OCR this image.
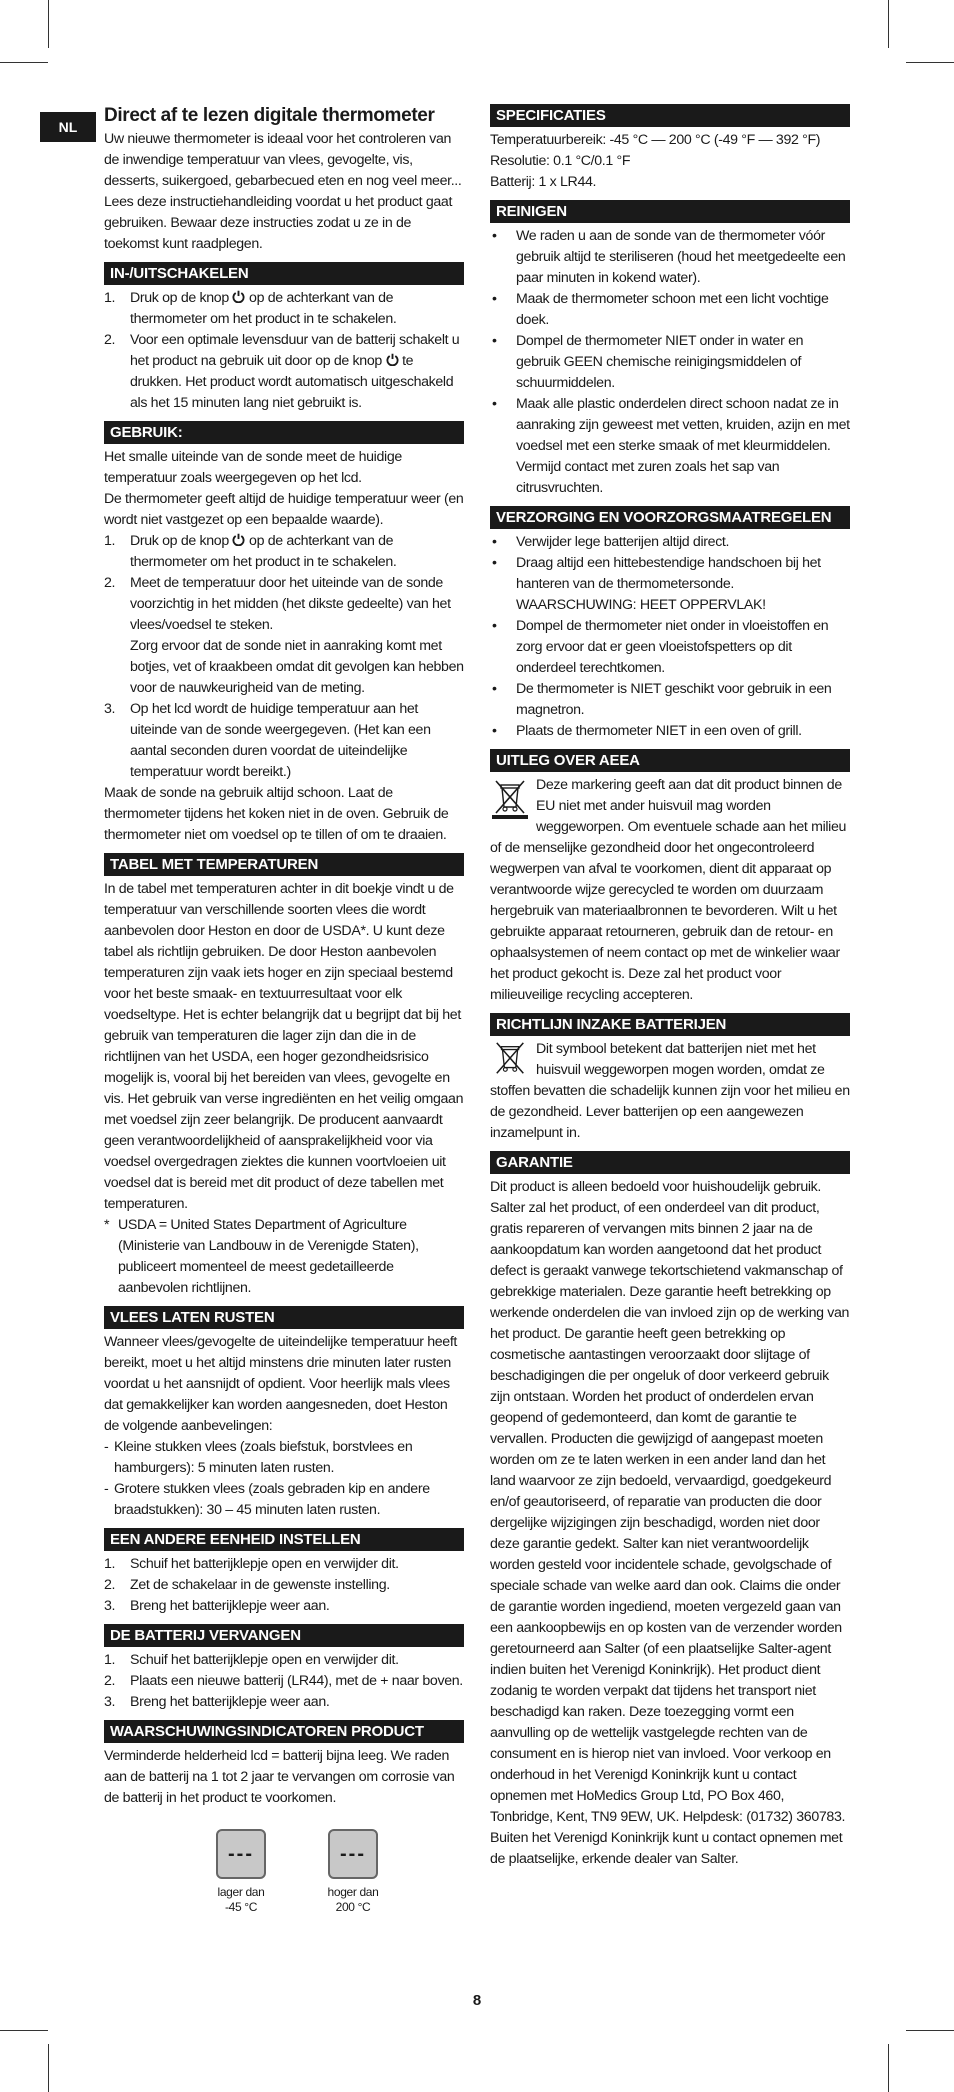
NL
Direct af te lezen digitale thermometer

Uw nieuwe thermometer is ideaal voor het controleren van de inwendige temperatuur van vlees, gevogelte, vis, desserts, suikergoed, gebarbecued eten en nog veel meer... Lees deze instructiehandleiding voordat u het product gaat gebruiken. Bewaar deze instructies zodat u ze in de toekomst kunt raadplegen.

IN-/UITSCHAKELEN
1. Druk op de knop  op de achterkant van de thermometer om het product in te schakelen.
2. Voor een optimale levensduur van de batterij schakelt u het product na gebruik uit door op de knop  te drukken. Het product wordt automatisch uitgeschakeld als het 15 minuten lang niet gebruikt is.
GEBRUIK:

Het smalle uiteinde van de sonde meet de huidige temperatuur zoals weergegeven op het lcd.

De thermometer geeft altijd de huidige temperatuur weer (en wordt niet vastgezet op een bepaalde waarde).

1. Druk op de knop  op de achterkant van de thermometer om het product in te schakelen.
2. Meet de temperatuur door het uiteinde van de sonde voorzichtig in het midden (het dikste gedeelte) van het vlees/voedsel te steken.
Zorg ervoor dat de sonde niet in aanraking komt met botjes, vet of kraakbeen omdat dit gevolgen kan hebben voor de nauwkeurigheid van de meting.
3. Op het lcd wordt de huidige temperatuur aan het uiteinde van de sonde weergegeven. (Het kan een aantal seconden duren voordat de uiteindelijke temperatuur wordt bereikt.)

Maak de sonde na gebruik altijd schoon. Laat de thermometer tijdens het koken niet in de oven. Gebruik de thermometer niet om voedsel op te tillen of om te draaien.

TABEL MET TEMPERATUREN

In de tabel met temperaturen achter in dit boekje vindt u de temperatuur van verschillende soorten vlees die wordt aanbevolen door Heston en door de USDA*. U kunt deze tabel als richtlijn gebruiken. De door Heston aanbevolen temperaturen zijn vaak iets hoger en zijn speciaal bestemd voor het beste smaak- en textuurresultaat voor elk voedseltype. Het is echter belangrijk dat u begrijpt dat bij het gebruik van temperaturen die lager zijn dan die in de richtlijnen van het USDA, een hoger gezondheidsrisico mogelijk is, vooral bij het bereiden van vlees, gevogelte en vis. Het gebruik van verse ingrediënten en het veilig omgaan met voedsel zijn zeer belangrijk. De producent aanvaardt geen verantwoordelijkheid of aansprakelijkheid voor via voedsel overgedragen ziektes die kunnen voortvloeien uit voedsel dat is bereid met dit product of deze tabellen met temperaturen.

* USDA = United States Department of Agriculture (Ministerie van Landbouw in de Verenigde Staten), publiceert momenteel de meest gedetailleerde aanbevolen richtlijnen.

VLEES LATEN RUSTEN

Wanneer vlees/gevogelte de uiteindelijke temperatuur heeft bereikt, moet u het altijd minstens drie minuten later rusten voordat u het aansnijdt of opdient. Voor heerlijk mals vlees dat gemakkelijker kan worden aangesneden, doet Heston de volgende aanbevelingen:

- Kleine stukken vlees (zoals biefstuk, borstvlees en hamburgers): 5 minuten laten rusten.
- Grotere stukken vlees (zoals gebraden kip en andere braadstukken): 30 – 45 minuten laten rusten.
EEN ANDERE EENHEID INSTELLEN
1. Schuif het batterijklepje open en verwijder dit.
2. Zet de schakelaar in de gewenste instelling.
3. Breng het batterijklepje weer aan.
DE BATTERIJ VERVANGEN
1. Schuif het batterijklepje open en verwijder dit.
2. Plaats een nieuwe batterij (LR44), met de + naar boven.
3. Breng het batterijklepje weer aan.
WAARSCHUWINGSINDICATOREN PRODUCT

Verminderde helderheid lcd = batterij bijna leeg. We raden aan de batterij na 1 tot 2 jaar te vervangen om corrosie van de batterij in het product te voorkomen.

---
lager dan -45 °C
---
hoger dan 200 °C
SPECIFICATIES

Temperatuurbereik: -45 °C — 200 °C (-49 °F — 392 °F)

Resolutie: 0.1 °C/0.1 °F

Batterij: 1 x LR44.

REINIGEN
• We raden u aan de sonde van de thermometer vóór gebruik altijd te steriliseren (houd het meetgedeelte een paar minuten in kokend water).
• Maak de thermometer schoon met een licht vochtige doek.
• Dompel de thermometer NIET onder in water en gebruik GEEN chemische reinigingsmiddelen of schuurmiddelen.
• Maak alle plastic onderdelen direct schoon nadat ze in aanraking zijn geweest met vetten, kruiden, azijn en met voedsel met een sterke smaak of met kleurmiddelen. Vermijd contact met zuren zoals het sap van citrusvruchten.
VERZORGING EN VOORZORGSMAATREGELEN
• Verwijder lege batterijen altijd direct.
• Draag altijd een hittebestendige handschoen bij het hanteren van de thermometersonde. WAARSCHUWING: HEET OPPERVLAK!
• Dompel de thermometer niet onder in vloeistoffen en zorg ervoor dat er geen vloeistofspetters op dit onderdeel terechtkomen.
• De thermometer is NIET geschikt voor gebruik in een magnetron.
• Plaats de thermometer NIET in een oven of grill.
UITLEG OVER AEEA

Deze markering geeft aan dat dit product binnen de EU niet met ander huisvuil mag worden weggeworpen. Om eventuele schade aan het milieu of de menselijke gezondheid door het ongecontroleerd wegwerpen van afval te voorkomen, dient dit apparaat op verantwoorde wijze gerecycled te worden om duurzaam hergebruik van materiaalbronnen te bevorderen. Wilt u het gebruikte apparaat retourneren, gebruik dan de retour- en ophaalsystemen of neem contact op met de winkelier waar het product gekocht is. Deze zal het product voor milieuveilige recycling accepteren.

RICHTLIJN INZAKE BATTERIJEN

Dit symbool betekent dat batterijen niet met het huisvuil weggeworpen mogen worden, omdat ze stoffen bevatten die schadelijk kunnen zijn voor het milieu en de gezondheid. Lever batterijen op een aangewezen inzamelpunt in.

GARANTIE

Dit product is alleen bedoeld voor huishoudelijk gebruik. Salter zal het product, of een onderdeel van dit product, gratis repareren of vervangen mits binnen 2 jaar na de aankoopdatum kan worden aangetoond dat het product defect is geraakt vanwege tekortschietend vakmanschap of gebrekkige materialen. Deze garantie heeft betrekking op werkende onderdelen die van invloed zijn op de werking van het product. De garantie heeft geen betrekking op cosmetische aantastingen veroorzaakt door slijtage of beschadigingen die per ongeluk of door verkeerd gebruik zijn ontstaan. Worden het product of onderdelen ervan geopend of gedemonteerd, dan komt de garantie te vervallen. Producten die gewijzigd of aangepast moeten worden om ze te laten werken in een ander land dan het land waarvoor ze zijn bedoeld, vervaardigd, goedgekeurd en/of geautoriseerd, of reparatie van producten die door dergelijke wijzigingen zijn beschadigd, worden niet door deze garantie gedekt. Salter kan niet verantwoordelijk worden gesteld voor incidentele schade, gevolgschade of speciale schade van welke aard dan ook. Claims die onder de garantie worden ingediend, moeten vergezeld gaan van een aankoopbewijs en op kosten van de verzender worden geretourneerd aan Salter (of een plaatselijke Salter-agent indien buiten het Verenigd Koninkrijk). Het product dient zodanig te worden verpakt dat tijdens het transport niet beschadigd kan raken. Deze toezegging vormt een aanvulling op de wettelijk vastgelegde rechten van de consument en is hierop niet van invloed. Voor verkoop en onderhoud in het Verenigd Koninkrijk kunt u contact opnemen met HoMedics Group Ltd, PO Box 460, Tonbridge, Kent, TN9 9EW, UK. Helpdesk: (01732) 360783. Buiten het Verenigd Koninkrijk kunt u contact opnemen met de plaatselijke, erkende dealer van Salter.

8
